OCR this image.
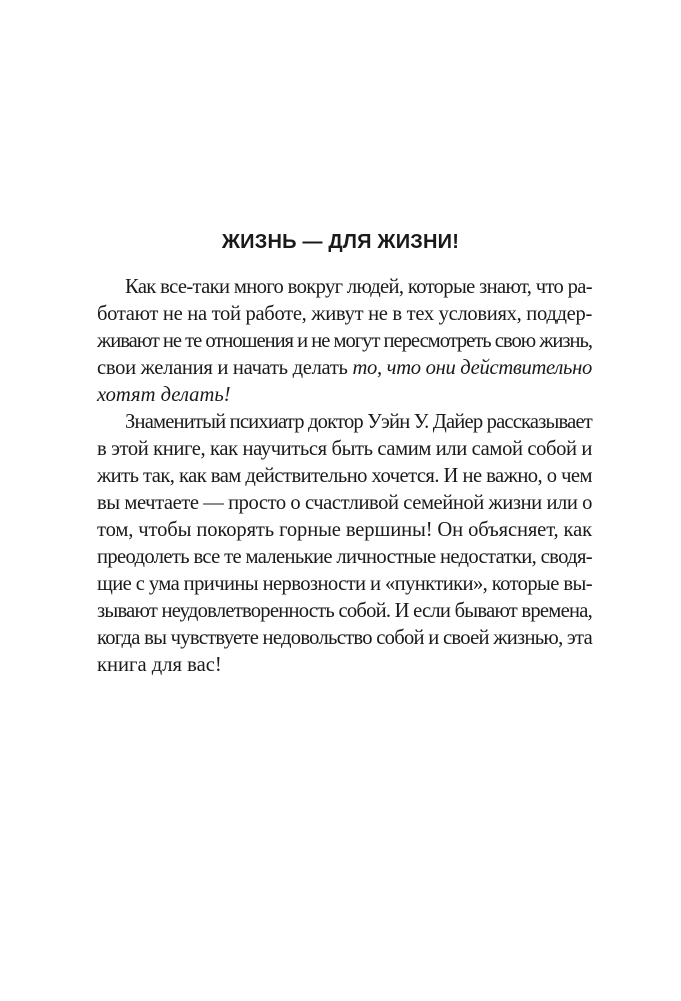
ЖИЗНЬ — ДЛЯ ЖИЗНИ!
Как все-таки много вокруг людей, которые знают, что ра-
ботают не на той работе, живут не в тех условиях, поддер-
живают не те отношения и не могут пересмотреть свою жизнь,
свои желания и начать делать то, что они действительно
хотят делать!
Знаменитый психиатр доктор Уэйн У. Дайер рассказывает
в этой книге, как научиться быть самим или самой собой и
жить так, как вам действительно хочется. И не важно, о чем
вы мечтаете — просто о счастливой семейной жизни или о
том, чтобы покорять горные вершины! Он объясняет, как
преодолеть все те маленькие личностные недостатки, сводя-
щие с ума причины нервозности и «пунктики», которые вы-
зывают неудовлетворенность собой. И если бывают времена,
когда вы чувствуете недовольство собой и своей жизнью, эта
книга для вас!
